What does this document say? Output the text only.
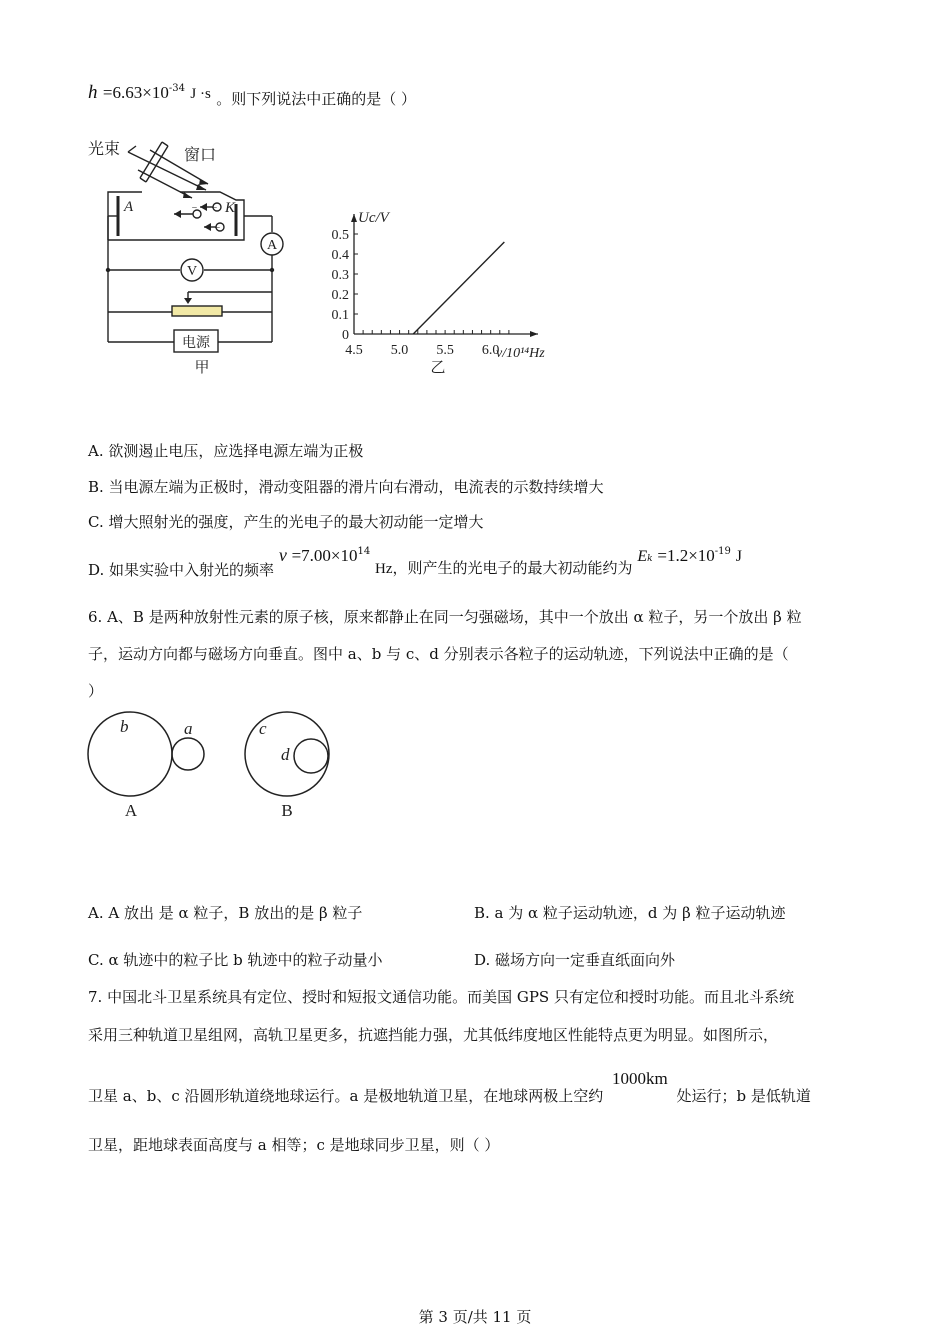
$h =6.63\times 10^{-34}$ J ·s 。则下列说法中正确的是（ ）
− −
−
光束	窗口
A	K
A
V
电源
甲
0
0.1
0.2
0.3
0.4
0.5
4.5 5.0 5.5 6.0
Uc/V
ν/10¹⁴Hz
乙
A. 欲测遏止电压，应选择电源左端为正极
B. 当电源左端为正极时，滑动变阻器的滑片向右滑动，电流表的示数持续增大
C. 增大照射光的强度，产生的光电子的最大初动能一定增大
D. 如果实验中入射光的频率 $\nu =7.00\times 10^{14}$ Hz，则产生的光电子的最大初动能约为 $Ek =1.2\times 10^{-19}$ J
6. A、B 是两种放射性元素的原子核，原来都静止在同一匀强磁场，其中一个放出 α 粒子，另一个放出 β 粒
子，运动方向都与磁场方向垂直。图中 a、b 与 c、d 分别表示各粒子的运动轨迹，下列说法中正确的是（
）
b	a	c
d
A	B
A. A 放出 是 α 粒子，B 放出的是 β 粒子	B. a 为 α 粒子运动轨迹，d 为 β 粒子运动轨迹
C. α 轨迹中的粒子比 b 轨迹中的粒子动量小	D. 磁场方向一定垂直纸面向外
7. 中国北斗卫星系统具有定位、授时和短报文通信功能。而美国 GPS 只有定位和授时功能。而且北斗系统
采用三种轨道卫星组网，高轨卫星更多，抗遮挡能力强，尤其低纬度地区性能特点更为明显。如图所示，
卫星 a、b、c 沿圆形轨道绕地球运行。a 是极地轨道卫星，在地球两极上空约 1000km 处运行；b 是低轨道
卫星，距地球表面高度与 a 相等；c 是地球同步卫星，则（ ）
第 3 页/共 11 页
